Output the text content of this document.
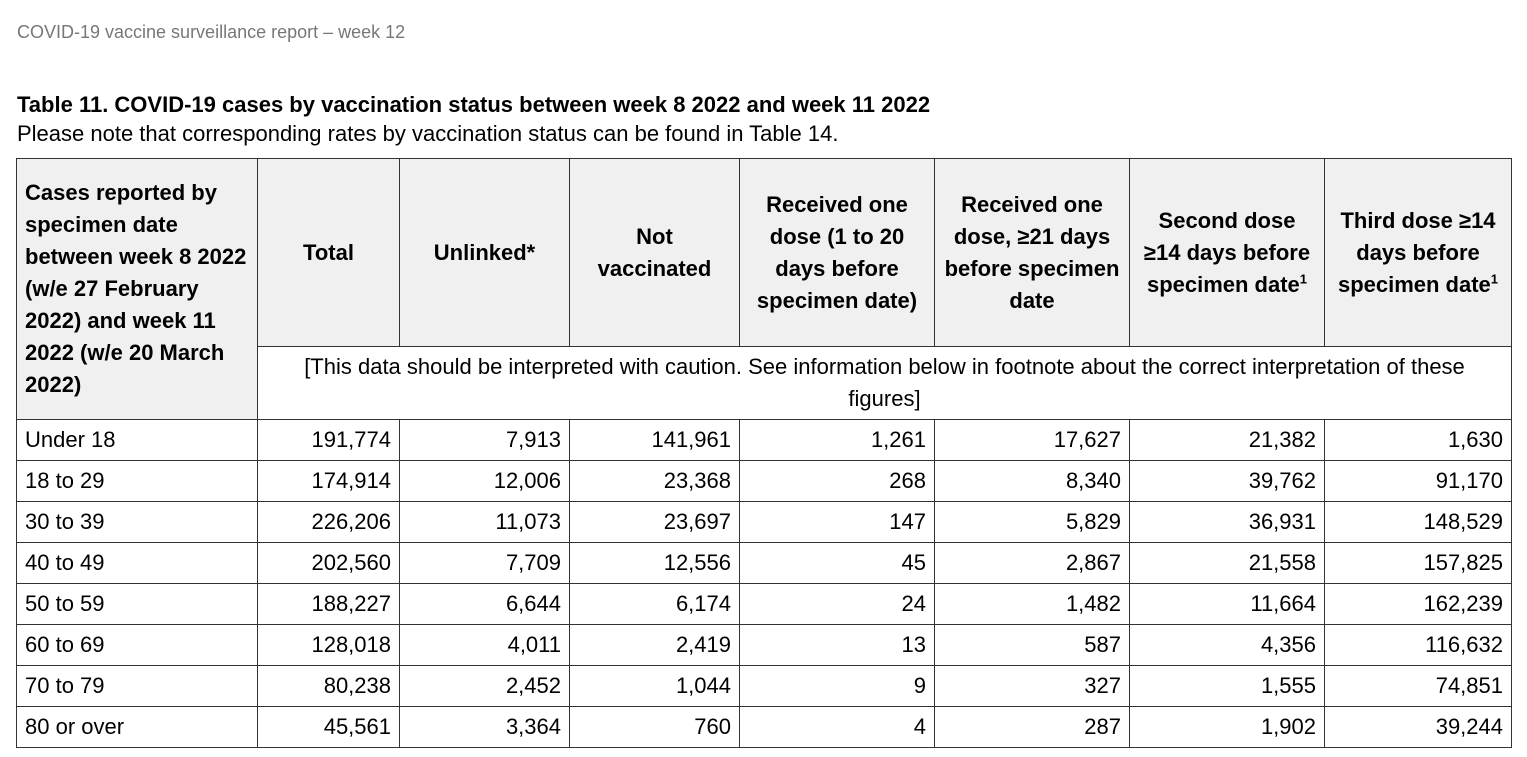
COVID-19 vaccine surveillance report – week 12
Table 11. COVID-19 cases by vaccination status between week 8 2022 and week 11 2022
Please note that corresponding rates by vaccination status can be found in Table 14.
Cases reported by specimen date between week 8 2022 (w/e 27 February 2022) and week 11 2022 (w/e 20 March 2022)	Total	Unlinked*	Not vaccinated	Received one dose (1 to 20 days before specimen date)	Received one dose, ≥21 days before specimen date	Second dose ≥14 days before specimen date$^1$	Third dose ≥14 days before specimen date$^1$
	[This data should be interpreted with caution. See information below in footnote about the correct interpretation of these figures]						
Under 18	191,774	7,913	141,961	1,261	17,627	21,382	1,630
18 to 29	174,914	12,006	23,368	268	8,340	39,762	91,170
30 to 39	226,206	11,073	23,697	147	5,829	36,931	148,529
40 to 49	202,560	7,709	12,556	45	2,867	21,558	157,825
50 to 59	188,227	6,644	6,174	24	1,482	11,664	162,239
60 to 69	128,018	4,011	2,419	13	587	4,356	116,632
70 to 79	80,238	2,452	1,044	9	327	1,555	74,851
80 or over	45,561	3,364	760	4	287	1,902	39,244
